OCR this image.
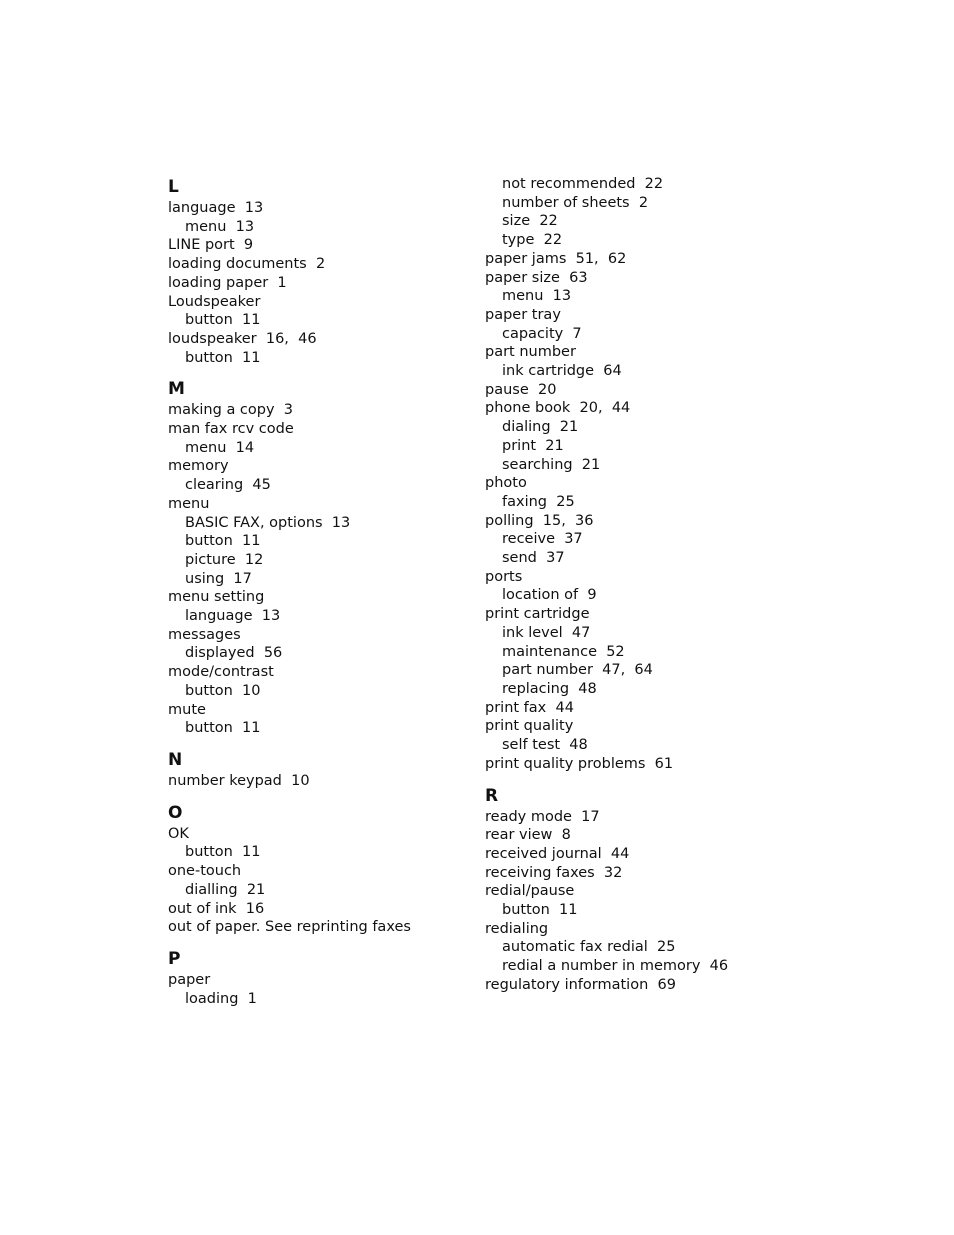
L
language  13
menu  13
LINE port  9
loading documents  2
loading paper  1
Loudspeaker
button  11
loudspeaker  16,  46
button  11
M
making a copy  3
man fax rcv code
menu  14
memory
clearing  45
menu
BASIC FAX, options  13
button  11
picture  12
using  17
menu setting
language  13
messages
displayed  56
mode/contrast
button  10
mute
button  11
N
number keypad  10
O
OK
button  11
one-touch
dialling  21
out of ink  16
out of paper. See reprinting faxes
P
paper
loading  1
not recommended  22
number of sheets  2
size  22
type  22
paper jams  51,  62
paper size  63
menu  13
paper tray
capacity  7
part number
ink cartridge  64
pause  20
phone book  20,  44
dialing  21
print  21
searching  21
photo
faxing  25
polling  15,  36
receive  37
send  37
ports
location of  9
print cartridge
ink level  47
maintenance  52
part number  47,  64
replacing  48
print fax  44
print quality
self test  48
print quality problems  61
R
ready mode  17
rear view  8
received journal  44
receiving faxes  32
redial/pause
button  11
redialing
automatic fax redial  25
redial a number in memory  46
regulatory information  69
